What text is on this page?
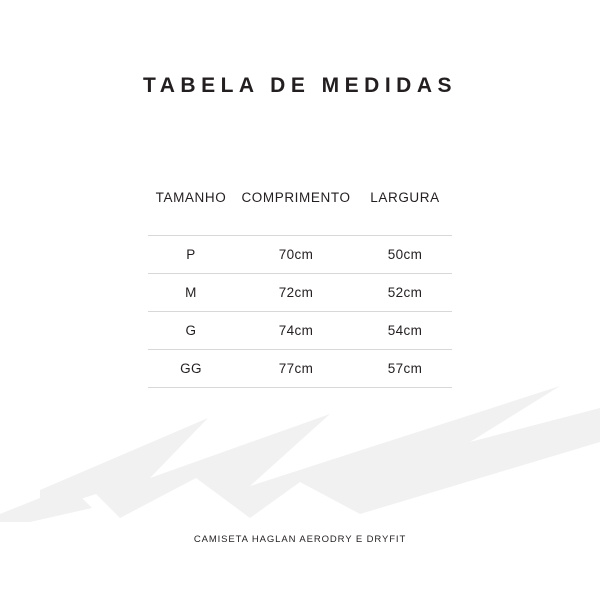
TABELA DE MEDIDAS
TAMANHO	COMPRIMENTO	LARGURA
P	70cm	50cm
M	72cm	52cm
G	74cm	54cm
GG	77cm	57cm
CAMISETA HAGLAN AERODRY E DRYFIT
